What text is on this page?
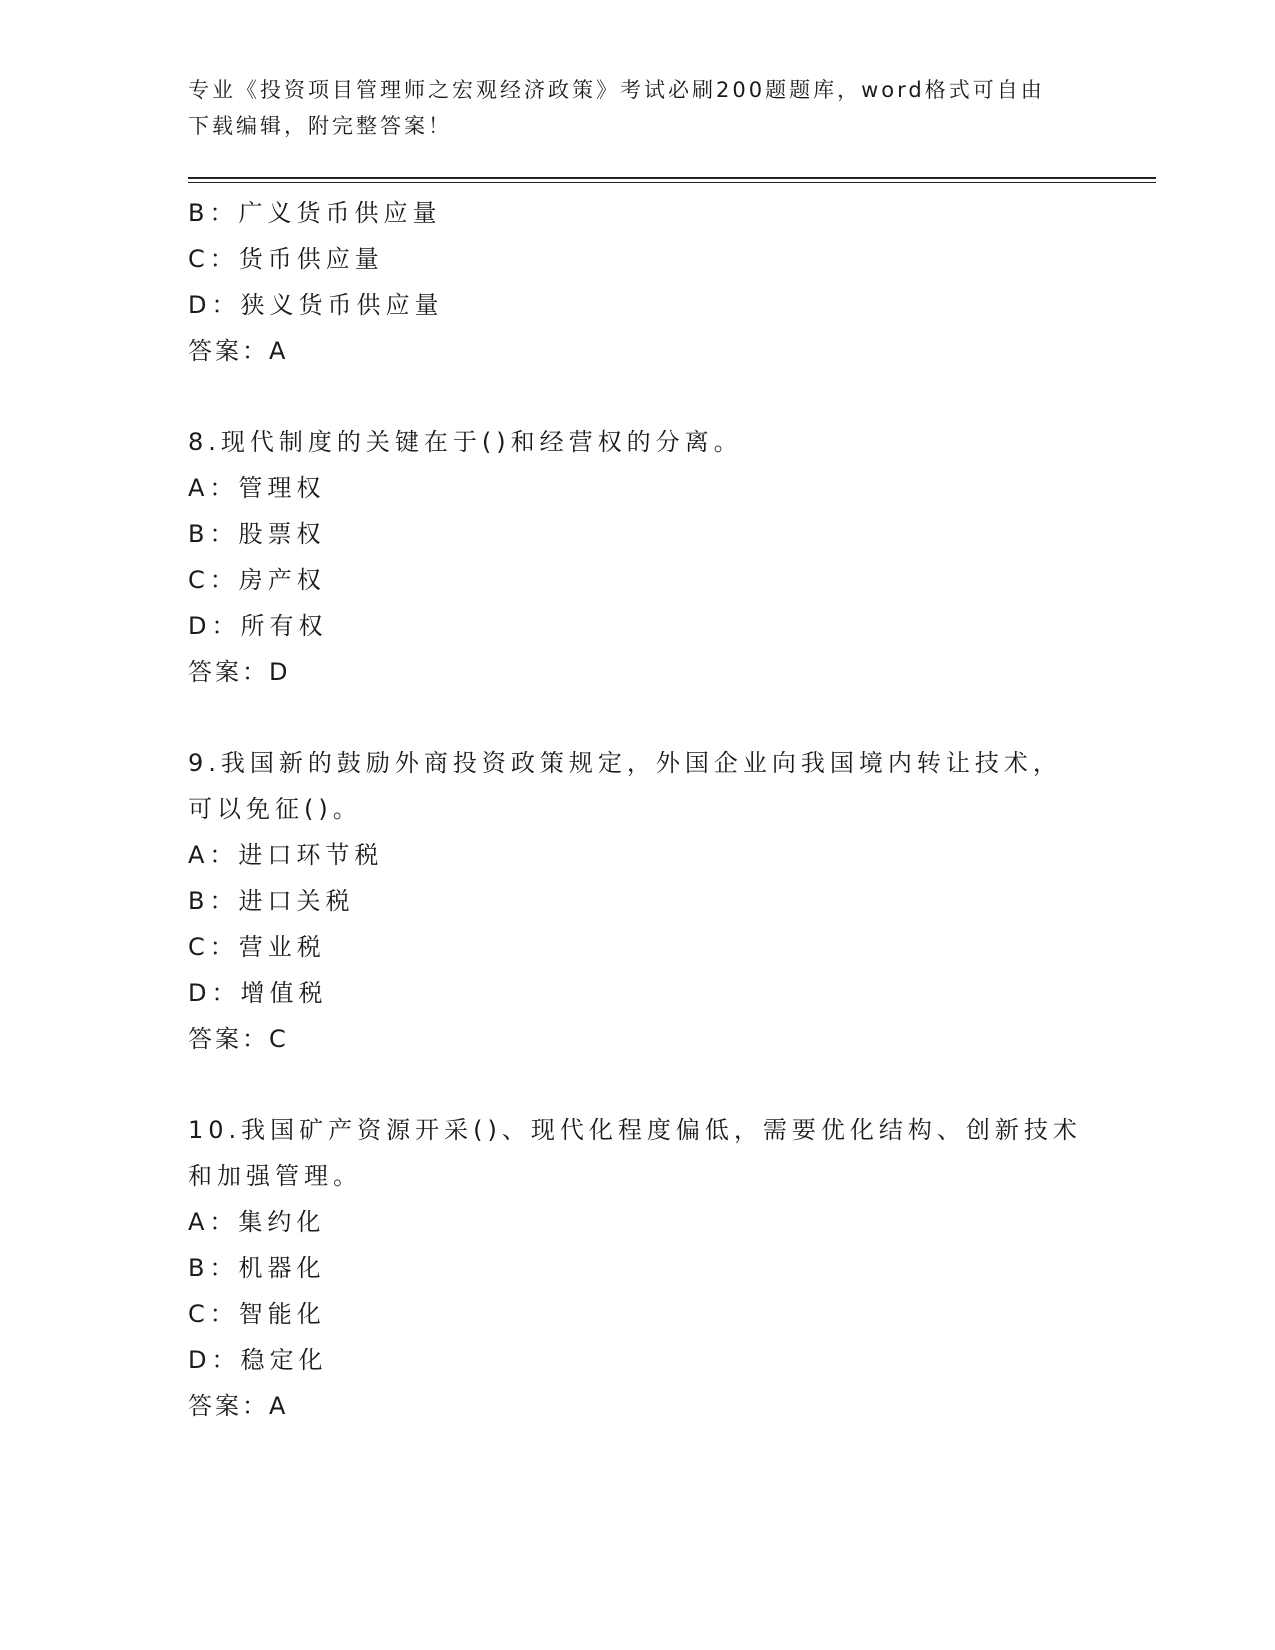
专业《投资项目管理师之宏观经济政策》考试必刷200题题库，word格式可自由
下载编辑，附完整答案！
B：广义货币供应量
C：货币供应量
D：狭义货币供应量
答案：A
8.现代制度的关键在于()和经营权的分离。
A：管理权
B：股票权
C：房产权
D：所有权
答案：D
9.我国新的鼓励外商投资政策规定，外国企业向我国境内转让技术，
可以免征()。
A：进口环节税
B：进口关税
C：营业税
D：增值税
答案：C
10.我国矿产资源开采()、现代化程度偏低，需要优化结构、创新技术
和加强管理。
A：集约化
B：机器化
C：智能化
D：稳定化
答案：A
